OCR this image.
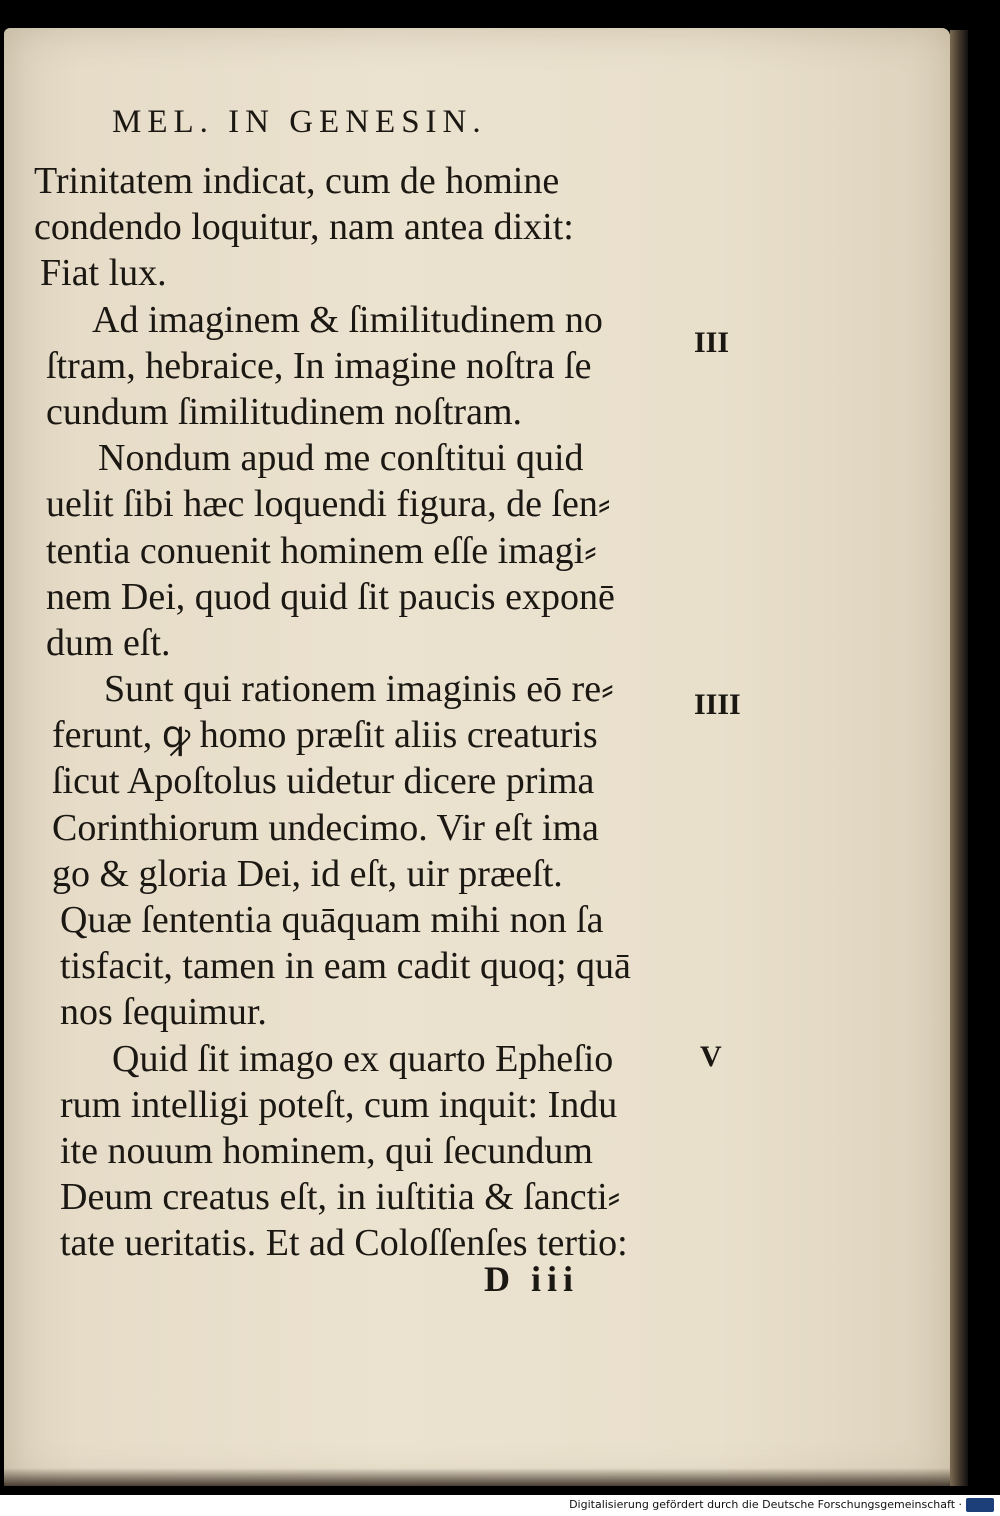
MEL. IN GENESIN.
Trinitatem indicat, cum de homine
condendo loquitur, nam antea dixit:
Fiat lux.
Ad imaginem & ſimilitudinem no
ſtram, hebraice, In imagine noſtra ſe
cundum ſimilitudinem noſtram.
Nondum apud me conſtitui quid
uelit ſibi hæc loquendi figura, de ſen⸗
tentia conuenit hominem eſſe imagi⸗
nem Dei, quod quid ſit paucis exponē
dum eſt.
Sunt qui rationem imaginis eō re⸗
ferunt, ꝙ homo præſit aliis creaturis
ſicut Apoſtolus uidetur dicere prima
Corinthiorum undecimo. Vir eſt ima
go & gloria Dei, id eſt, uir præeſt.
Quæ ſententia quāquam mihi non ſa
tisfacit, tamen in eam cadit quoq; quā
nos ſequimur.
Quid ſit imago ex quarto Epheſio
rum intelligi poteſt, cum inquit: Indu
ite nouum hominem, qui ſecundum
Deum creatus eſt, in iuſtitia & ſancti⸗
tate ueritatis. Et ad Coloſſenſes tertio:
III
IIII
V
D iii
Digitalisierung gefördert durch die Deutsche Forschungsgemeinschaft ·
